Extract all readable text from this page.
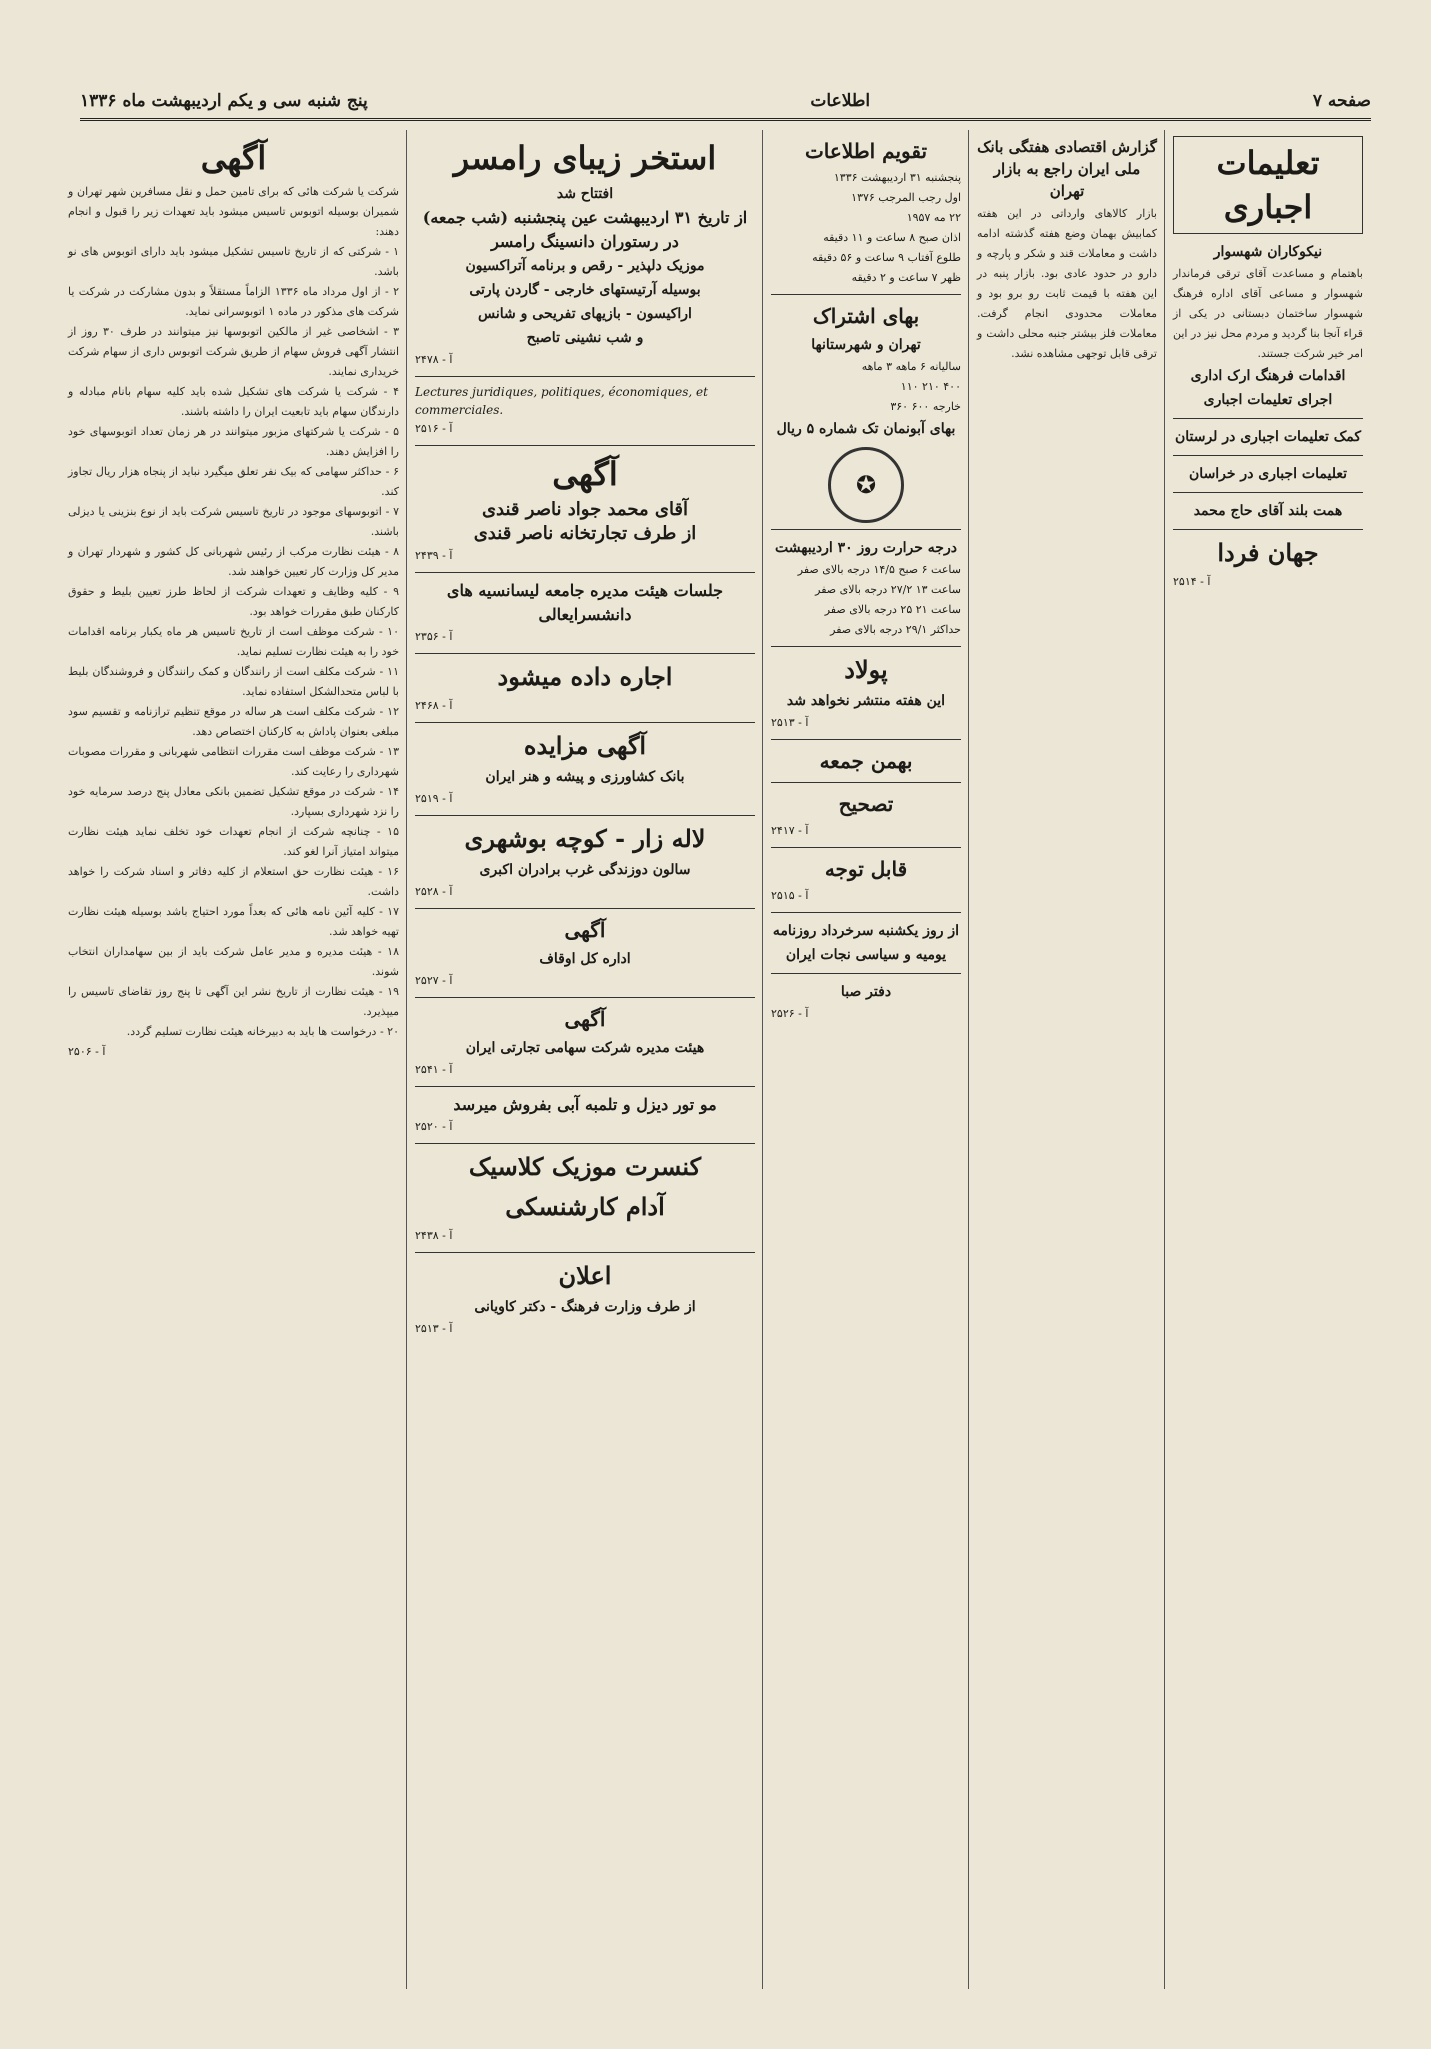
صفحه ۷
اطلاعات
پنج شنبه سی و یکم اردیبهشت ماه ۱۳۳۶
تعلیمات اجباری
نیکوکاران شهسوار

باهتمام و مساعدت آقای ترقی فرماندار شهسوار و مساعی آقای اداره فرهنگ شهسوار ساختمان دبستانی در یکی از قراء آنجا بنا گردید و مردم محل نیز در این امر خیر شرکت جستند.

اقدامات فرهنگ ارک اداری اجرای تعلیمات اجباری
کمک تعلیمات اجباری در لرستان
تعلیمات اجباری در خراسان
همت بلند آقای حاج محمد
جهان فردا
۲۵۱۴ - آ
گزارش اقتصادی هفتگی بانک ملی ایران راجع به بازار تهران

بازار کالاهای وارداتی در این هفته کمابیش بهمان وضع هفته گذشته ادامه داشت و معاملات قند و شکر و پارچه و دارو در حدود عادی بود. بازار پنبه در این هفته با قیمت ثابت رو برو بود و معاملات محدودی انجام گرفت. معاملات فلز بیشتر جنبه محلی داشت و ترقی قابل توجهی مشاهده نشد.

تقویم اطلاعات
پنجشنبه ۳۱ اردیبهشت ۱۳۳۶
اول رجب المرجب ۱۳۷۶
۲۲ مه ۱۹۵۷
اذان صبح ۸ ساعت و ۱۱ دقیقه
طلوع آفتاب ۹ ساعت و ۵۶ دقیقه
ظهر ۷ ساعت و ۲ دقیقه
بهای اشتراک
تهران و شهرستانها
ساليانه ۶ ماهه ۳ ماهه
۴۰۰ ۲۱۰ ۱۱۰
خارجه ۶۰۰ ۳۶۰
بهای آبونمان تک شماره ۵ ریال
✪
درجه حرارت روز ۳۰ اردیبهشت
ساعت ۶ صبح ۱۴/۵ درجه بالای صفر
ساعت ۱۳ ۲۷/۲ درجه بالای صفر
ساعت ۲۱ ۲۵ درجه بالای صفر
حداکثر ۲۹/۱ درجه بالای صفر
پولاد
این هفته منتشر نخواهد شد
۲۵۱۳ - آ
بهمن جمعه
تصحیح
۲۴۱۷ - آ
قابل توجه
۲۵۱۵ - آ
از روز یکشنبه سرخرداد روزنامه یومیه و سیاسی نجات ایران
دفتر صبا
۲۵۲۶ - آ
استخر زیبای رامسر
افتتاح شد
از تاریخ ۳۱ اردیبهشت عین پنجشنبه (شب جمعه)
در رستوران دانسینگ رامسر
موزیک دلپذیر - رقص و برنامه آتراکسیون
بوسیله آرتیستهای خارجی - گاردن پارتی
اراکیسون - بازیهای تفریحی و شانس
و شب نشینی تاصبح
۲۴۷۸ - آ
Lectures juridiques, politiques, économiques, et commerciales.
۲۵۱۶ - آ
آگهی
آقای محمد جواد ناصر قندی
از طرف تجارتخانه ناصر قندی
۲۴۳۹ - آ
جلسات هیئت مدیره جامعه لیسانسیه های دانشسرایعالی
۲۳۵۶ - آ
اجاره داده میشود
۲۴۶۸ - آ
آگهی مزایده
بانک کشاورزی و پیشه و هنر ایران
۲۵۱۹ - آ
لاله زار - کوچه بوشهری
سالون دوزندگی غرب برادران اکبری
۲۵۲۸ - آ
آگهی
اداره کل اوقاف
۲۵۲۷ - آ
آگهی
هیئت مدیره شرکت سهامی تجارتی ایران
۲۵۴۱ - آ
مو تور دیزل و تلمبه آبی بفروش میرسد
۲۵۲۰ - آ
کنسرت موزیک کلاسیک
آدام کارشنسکی
۲۴۳۸ - آ
اعلان
از طرف وزارت فرهنگ - دکتر کاویانی
۲۵۱۳ - آ
آگهی

شرکت یا شرکت هائی که برای تامین حمل و نقل مسافرین شهر تهران و شمیران بوسیله اتوبوس تاسیس میشود باید تعهدات زیر را قبول و انجام دهند:

۱ - شرکتی که از تاریخ تاسیس تشکیل میشود باید دارای اتوبوس های نو باشد.

۲ - از اول مرداد ماه ۱۳۳۶ الزاماً مستقلاً و بدون مشارکت در شرکت یا شرکت های مذکور در ماده ۱ اتوبوسرانی نماید.

۳ - اشخاصی غیر از مالکین اتوبوسها نیز میتوانند در طرف ۳۰ روز از انتشار آگهی فروش سهام از طریق شرکت اتوبوس داری از سهام شرکت خریداری نمایند.

۴ - شرکت یا شرکت های تشکیل شده باید کلیه سهام بانام مبادله و دارندگان سهام باید تابعیت ایران را داشته باشند.

۵ - شرکت یا شرکتهای مزبور میتوانند در هر زمان تعداد اتوبوسهای خود را افزایش دهند.

۶ - حداکثر سهامی که بیک نفر تعلق میگیرد نباید از پنجاه هزار ریال تجاوز کند.

۷ - اتوبوسهای موجود در تاریخ تاسیس شرکت باید از نوع بنزینی یا دیزلی باشند.

۸ - هیئت نظارت مرکب از رئیس شهربانی کل کشور و شهردار تهران و مدیر کل وزارت کار تعیین خواهند شد.

۹ - کلیه وظایف و تعهدات شرکت از لحاظ طرز تعیین بلیط و حقوق کارکنان طبق مقررات خواهد بود.

۱۰ - شرکت موظف است از تاریخ تاسیس هر ماه یکبار برنامه اقدامات خود را به هیئت نظارت تسلیم نماید.

۱۱ - شرکت مکلف است از رانندگان و کمک رانندگان و فروشندگان بلیط با لباس متحدالشکل استفاده نماید.

۱۲ - شرکت مکلف است هر ساله در موقع تنظیم ترازنامه و تقسیم سود مبلغی بعنوان پاداش به کارکنان اختصاص دهد.

۱۳ - شرکت موظف است مقررات انتظامی شهربانی و مقررات مصوبات شهرداری را رعایت کند.

۱۴ - شرکت در موقع تشکیل تضمین بانکی معادل پنج درصد سرمایه خود را نزد شهرداری بسپارد.

۱۵ - چنانچه شرکت از انجام تعهدات خود تخلف نماید هیئت نظارت میتواند امتیاز آنرا لغو کند.

۱۶ - هیئت نظارت حق استعلام از کلیه دفاتر و اسناد شرکت را خواهد داشت.

۱۷ - کلیه آئین نامه هائی که بعداً مورد احتیاج باشد بوسیله هیئت نظارت تهیه خواهد شد.

۱۸ - هیئت مدیره و مدیر عامل شرکت باید از بین سهامداران انتخاب شوند.

۱۹ - هیئت نظارت از تاریخ نشر این آگهی تا پنج روز تقاضای تاسیس را میپذیرد.

۲۰ - درخواست ها باید به دبیرخانه هیئت نظارت تسلیم گردد.

۲۵۰۶ - آ
